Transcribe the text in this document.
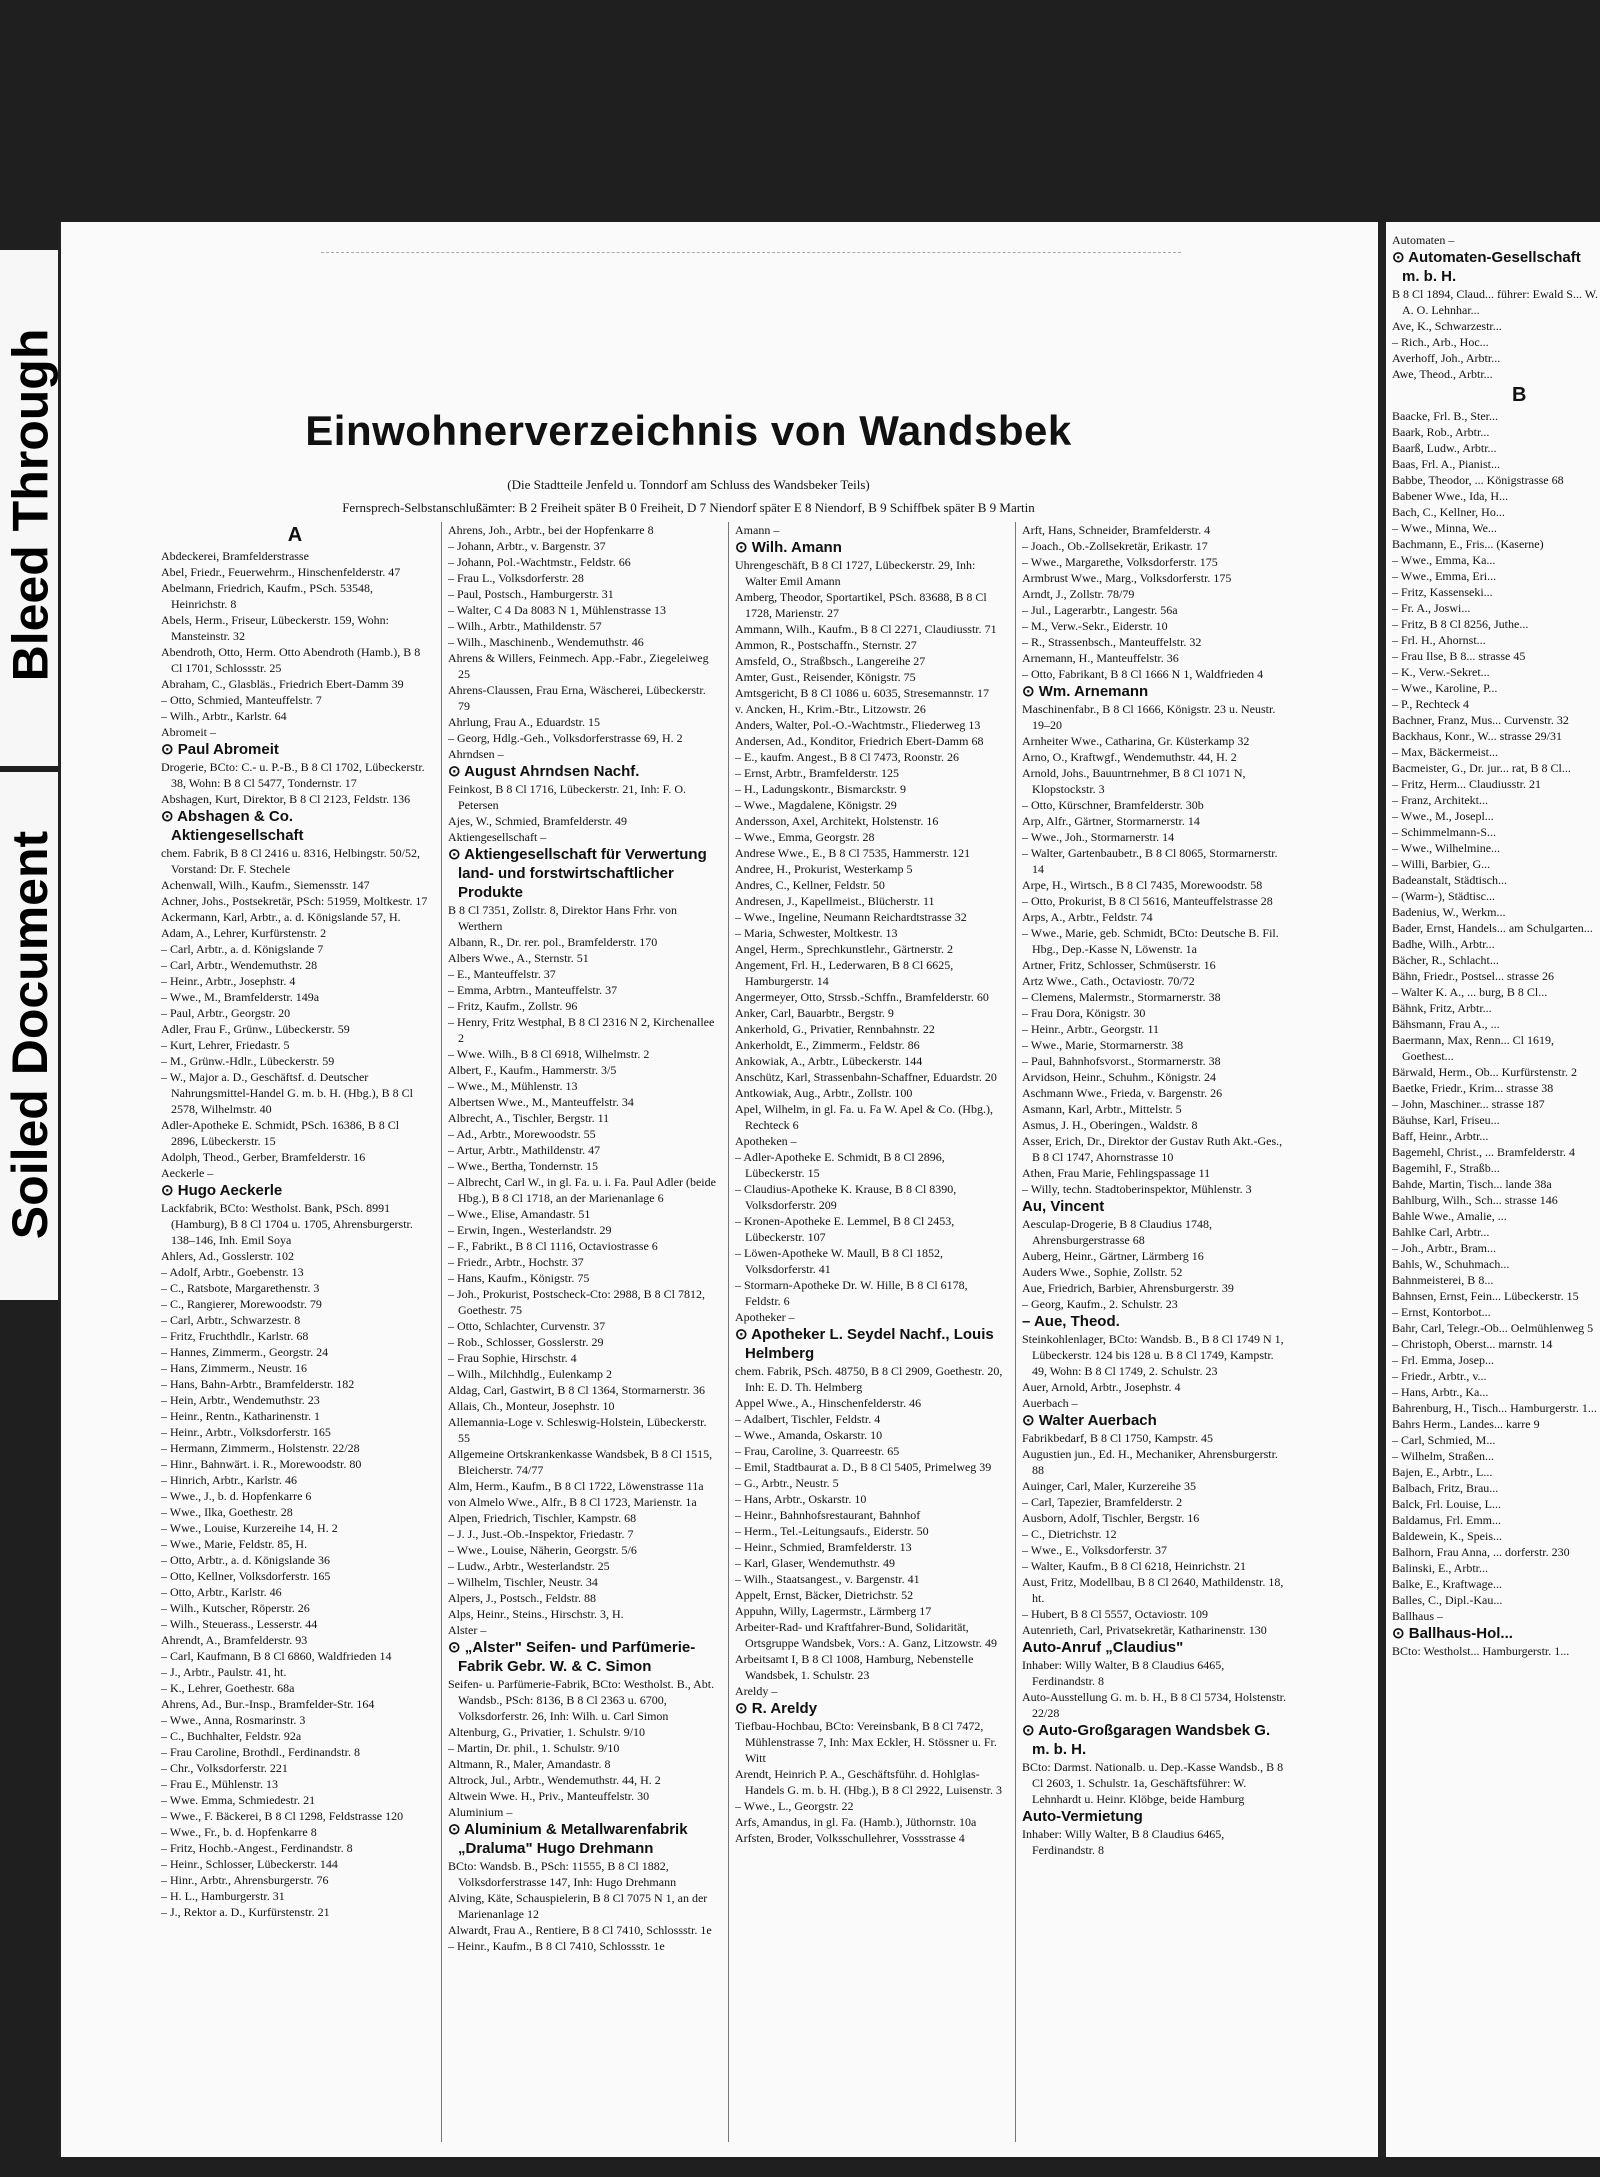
Bleed Through
Soiled Document
Einwohnerverzeichnis von Wandsbek
(Die Stadtteile Jenfeld u. Tonndorf am Schluss des Wandsbeker Teils)
Fernsprech-Selbstanschlußämter: B 2 Freiheit später B 0 Freiheit, D 7 Niendorf später E 8 Niendorf, B 9 Schiffbek später B 9 Martin

A

Abdeckerei, Bramfelderstrasse

Abel, Friedr., Feuerwehrm., Hinschenfelderstr. 47

Abelmann, Friedrich, Kaufm., PSch. 53548, Heinrichstr. 8

Abels, Herm., Friseur, Lübeckerstr. 159, Wohn: Mansteinstr. 32

Abendroth, Otto, Herm. Otto Abendroth (Hamb.), B 8 Cl 1701, Schlossstr. 25

Abraham, C., Glasbläs., Friedrich Ebert-Damm 39

– Otto, Schmied, Manteuffelstr. 7

– Wilh., Arbtr., Karlstr. 64

Abromeit –

⊙ Paul Abromeit

Drogerie, BCto: C.- u. P.-B., B 8 Cl 1702, Lübeckerstr. 38, Wohn: B 8 Cl 5477, Tondernstr. 17

Abshagen, Kurt, Direktor, B 8 Cl 2123, Feldstr. 136

⊙ Abshagen & Co. Aktiengesellschaft

chem. Fabrik, B 8 Cl 2416 u. 8316, Helbingstr. 50/52, Vorstand: Dr. F. Stechele

Achenwall, Wilh., Kaufm., Siemensstr. 147

Achner, Johs., Postsekretär, PSch: 51959, Moltkestr. 17

Ackermann, Karl, Arbtr., a. d. Königslande 57, H.

Adam, A., Lehrer, Kurfürstenstr. 2

– Carl, Arbtr., a. d. Königslande 7

– Carl, Arbtr., Wendemuthstr. 28

– Heinr., Arbtr., Josephstr. 4

– Wwe., M., Bramfelderstr. 149a

– Paul, Arbtr., Georgstr. 20

Adler, Frau F., Grünw., Lübeckerstr. 59

– Kurt, Lehrer, Friedastr. 5

– M., Grünw.-Hdlr., Lübeckerstr. 59

– W., Major a. D., Geschäftsf. d. Deutscher Nahrungsmittel-Handel G. m. b. H. (Hbg.), B 8 Cl 2578, Wilhelmstr. 40

Adler-Apotheke E. Schmidt, PSch. 16386, B 8 Cl 2896, Lübeckerstr. 15

Adolph, Theod., Gerber, Bramfelderstr. 16

Aeckerle –

⊙ Hugo Aeckerle

Lackfabrik, BCto: Westholst. Bank, PSch. 8991 (Hamburg), B 8 Cl 1704 u. 1705, Ahrensburgerstr. 138–146, Inh. Emil Soya

Ahlers, Ad., Gosslerstr. 102

– Adolf, Arbtr., Goebenstr. 13

– C., Ratsbote, Margarethenstr. 3

– C., Rangierer, Morewoodstr. 79

– Carl, Arbtr., Schwarzestr. 8

– Fritz, Fruchthdlr., Karlstr. 68

– Hannes, Zimmerm., Georgstr. 24

– Hans, Zimmerm., Neustr. 16

– Hans, Bahn-Arbtr., Bramfelderstr. 182

– Hein, Arbtr., Wendemuthstr. 23

– Heinr., Rentn., Katharinenstr. 1

– Heinr., Arbtr., Volksdorferstr. 165

– Hermann, Zimmerm., Holstenstr. 22/28

– Hinr., Bahnwärt. i. R., Morewoodstr. 80

– Hinrich, Arbtr., Karlstr. 46

– Wwe., J., b. d. Hopfenkarre 6

– Wwe., Ilka, Goethestr. 28

– Wwe., Louise, Kurzereihe 14, H. 2

– Wwe., Marie, Feldstr. 85, H.

– Otto, Arbtr., a. d. Königslande 36

– Otto, Kellner, Volksdorferstr. 165

– Otto, Arbtr., Karlstr. 46

– Wilh., Kutscher, Röperstr. 26

– Wilh., Steuerass., Lesserstr. 44

Ahrendt, A., Bramfelderstr. 93

– Carl, Kaufmann, B 8 Cl 6860, Waldfrieden 14

– J., Arbtr., Paulstr. 41, ht.

– K., Lehrer, Goethestr. 68a

Ahrens, Ad., Bur.-Insp., Bramfelder-Str. 164

– Wwe., Anna, Rosmarinstr. 3

– C., Buchhalter, Feldstr. 92a

– Frau Caroline, Brothdl., Ferdinandstr. 8

– Chr., Volksdorferstr. 221

– Frau E., Mühlenstr. 13

– Wwe. Emma, Schmiedestr. 21

– Wwe., F. Bäckerei, B 8 Cl 1298, Feldstrasse 120

– Wwe., Fr., b. d. Hopfenkarre 8

– Fritz, Hochb.-Angest., Ferdinandstr. 8

– Heinr., Schlosser, Lübeckerstr. 144

– Hinr., Arbtr., Ahrensburgerstr. 76

– H. L., Hamburgerstr. 31

– J., Rektor a. D., Kurfürstenstr. 21

Ahrens, Joh., Arbtr., bei der Hopfenkarre 8

– Johann, Arbtr., v. Bargenstr. 37

– Johann, Pol.-Wachtmstr., Feldstr. 66

– Frau L., Volksdorferstr. 28

– Paul, Postsch., Hamburgerstr. 31

– Walter, C 4 Da 8083 N 1, Mühlenstrasse 13

– Wilh., Arbtr., Mathildenstr. 57

– Wilh., Maschinenb., Wendemuthstr. 46

Ahrens & Willers, Feinmech. App.-Fabr., Ziegeleiweg 25

Ahrens-Claussen, Frau Erna, Wäscherei, Lübeckerstr. 79

Ahrlung, Frau A., Eduardstr. 15

– Georg, Hdlg.-Geh., Volksdorferstrasse 69, H. 2

Ahrndsen –

⊙ August Ahrndsen Nachf.

Feinkost, B 8 Cl 1716, Lübeckerstr. 21, Inh: F. O. Petersen

Ajes, W., Schmied, Bramfelderstr. 49

Aktiengesellschaft –

⊙ Aktiengesellschaft für Verwertung land- und forstwirtschaftlicher Produkte

B 8 Cl 7351, Zollstr. 8, Direktor Hans Frhr. von Werthern

Albann, R., Dr. rer. pol., Bramfelderstr. 170

Albers Wwe., A., Sternstr. 51

– E., Manteuffelstr. 37

– Emma, Arbtrn., Manteuffelstr. 37

– Fritz, Kaufm., Zollstr. 96

– Henry, Fritz Westphal, B 8 Cl 2316 N 2, Kirchenallee 2

– Wwe. Wilh., B 8 Cl 6918, Wilhelmstr. 2

Albert, F., Kaufm., Hammerstr. 3/5

– Wwe., M., Mühlenstr. 13

Albertsen Wwe., M., Manteuffelstr. 34

Albrecht, A., Tischler, Bergstr. 11

– Ad., Arbtr., Morewoodstr. 55

– Artur, Arbtr., Mathildenstr. 47

– Wwe., Bertha, Tondernstr. 15

– Albrecht, Carl W., in gl. Fa. u. i. Fa. Paul Adler (beide Hbg.), B 8 Cl 1718, an der Marienanlage 6

– Wwe., Elise, Amandastr. 51

– Erwin, Ingen., Westerlandstr. 29

– F., Fabrikt., B 8 Cl 1116, Octaviostrasse 6

– Friedr., Arbtr., Hochstr. 37

– Hans, Kaufm., Königstr. 75

– Joh., Prokurist, Postscheck-Cto: 2988, B 8 Cl 7812, Goethestr. 75

– Otto, Schlachter, Curvenstr. 37

– Rob., Schlosser, Gosslerstr. 29

– Frau Sophie, Hirschstr. 4

– Wilh., Milchhdlg., Eulenkamp 2

Aldag, Carl, Gastwirt, B 8 Cl 1364, Stormarnerstr. 36

Allais, Ch., Monteur, Josephstr. 10

Allemannia-Loge v. Schleswig-Holstein, Lübeckerstr. 55

Allgemeine Ortskrankenkasse Wandsbek, B 8 Cl 1515, Bleicherstr. 74/77

Alm, Herm., Kaufm., B 8 Cl 1722, Löwenstrasse 11a

von Almelo Wwe., Alfr., B 8 Cl 1723, Marienstr. 1a

Alpen, Friedrich, Tischler, Kampstr. 68

– J. J., Just.-Ob.-Inspektor, Friedastr. 7

– Wwe., Louise, Näherin, Georgstr. 5/6

– Ludw., Arbtr., Westerlandstr. 25

– Wilhelm, Tischler, Neustr. 34

Alpers, J., Postsch., Feldstr. 88

Alps, Heinr., Steins., Hirschstr. 3, H.

Alster –

⊙ „Alster" Seifen- und Parfümerie-Fabrik Gebr. W. & C. Simon

Seifen- u. Parfümerie-Fabrik, BCto: Westholst. B., Abt. Wandsb., PSch: 8136, B 8 Cl 2363 u. 6700, Volksdorferstr. 26, Inh: Wilh. u. Carl Simon

Altenburg, G., Privatier, 1. Schulstr. 9/10

– Martin, Dr. phil., 1. Schulstr. 9/10

Altmann, R., Maler, Amandastr. 8

Altrock, Jul., Arbtr., Wendemuthstr. 44, H. 2

Altwein Wwe. H., Priv., Manteuffelstr. 30

Aluminium –

⊙ Aluminium & Metallwarenfabrik „Draluma" Hugo Drehmann

BCto: Wandsb. B., PSch: 11555, B 8 Cl 1882, Volksdorferstrasse 147, Inh: Hugo Drehmann

Alving, Käte, Schauspielerin, B 8 Cl 7075 N 1, an der Marienanlage 12

Alwardt, Frau A., Rentiere, B 8 Cl 7410, Schlossstr. 1e

– Heinr., Kaufm., B 8 Cl 7410, Schlossstr. 1e

Amann –

⊙ Wilh. Amann

Uhrengeschäft, B 8 Cl 1727, Lübeckerstr. 29, Inh: Walter Emil Amann

Amberg, Theodor, Sportartikel, PSch. 83688, B 8 Cl 1728, Marienstr. 27

Ammann, Wilh., Kaufm., B 8 Cl 2271, Claudiusstr. 71

Ammon, R., Postschaffn., Sternstr. 27

Amsfeld, O., Straßbsch., Langereihe 27

Amter, Gust., Reisender, Königstr. 75

Amtsgericht, B 8 Cl 1086 u. 6035, Stresemannstr. 17

v. Ancken, H., Krim.-Btr., Litzowstr. 26

Anders, Walter, Pol.-O.-Wachtmstr., Fliederweg 13

Andersen, Ad., Konditor, Friedrich Ebert-Damm 68

– E., kaufm. Angest., B 8 Cl 7473, Roonstr. 26

– Ernst, Arbtr., Bramfelderstr. 125

– H., Ladungskontr., Bismarckstr. 9

– Wwe., Magdalene, Königstr. 29

Andersson, Axel, Architekt, Holstenstr. 16

– Wwe., Emma, Georgstr. 28

Andrese Wwe., E., B 8 Cl 7535, Hammerstr. 121

Andree, H., Prokurist, Westerkamp 5

Andres, C., Kellner, Feldstr. 50

Andresen, J., Kapellmeist., Blücherstr. 11

– Wwe., Ingeline, Neumann Reichardtstrasse 32

– Maria, Schwester, Moltkestr. 13

Angel, Herm., Sprechkunstlehr., Gärtnerstr. 2

Angement, Frl. H., Lederwaren, B 8 Cl 6625, Hamburgerstr. 14

Angermeyer, Otto, Strssb.-Schffn., Bramfelderstr. 60

Anker, Carl, Bauarbtr., Bergstr. 9

Ankerhold, G., Privatier, Rennbahnstr. 22

Ankerholdt, E., Zimmerm., Feldstr. 86

Ankowiak, A., Arbtr., Lübeckerstr. 144

Anschütz, Karl, Strassenbahn-Schaffner, Eduardstr. 20

Antkowiak, Aug., Arbtr., Zollstr. 100

Apel, Wilhelm, in gl. Fa. u. Fa W. Apel & Co. (Hbg.), Rechteck 6

Apotheken –

– Adler-Apotheke E. Schmidt, B 8 Cl 2896, Lübeckerstr. 15

– Claudius-Apotheke K. Krause, B 8 Cl 8390, Volksdorferstr. 209

– Kronen-Apotheke E. Lemmel, B 8 Cl 2453, Lübeckerstr. 107

– Löwen-Apotheke W. Maull, B 8 Cl 1852, Volksdorferstr. 41

– Stormarn-Apotheke Dr. W. Hille, B 8 Cl 6178, Feldstr. 6

Apotheker –

⊙ Apotheker L. Seydel Nachf., Louis Helmberg

chem. Fabrik, PSch. 48750, B 8 Cl 2909, Goethestr. 20, Inh: E. D. Th. Helmberg

Appel Wwe., A., Hinschenfelderstr. 46

– Adalbert, Tischler, Feldstr. 4

– Wwe., Amanda, Oskarstr. 10

– Frau, Caroline, 3. Quarreestr. 65

– Emil, Stadtbaurat a. D., B 8 Cl 5405, Primelweg 39

– G., Arbtr., Neustr. 5

– Hans, Arbtr., Oskarstr. 10

– Heinr., Bahnhofsrestaurant, Bahnhof

– Herm., Tel.-Leitungsaufs., Eiderstr. 50

– Heinr., Schmied, Bramfelderstr. 13

– Karl, Glaser, Wendemuthstr. 49

– Wilh., Staatsangest., v. Bargenstr. 41

Appelt, Ernst, Bäcker, Dietrichstr. 52

Appuhn, Willy, Lagermstr., Lärmberg 17

Arbeiter-Rad- und Kraftfahrer-Bund, Solidarität, Ortsgruppe Wandsbek, Vors.: A. Ganz, Litzowstr. 49

Arbeitsamt I, B 8 Cl 1008, Hamburg, Nebenstelle Wandsbek, 1. Schulstr. 23

Areldy –

⊙ R. Areldy

Tiefbau-Hochbau, BCto: Vereinsbank, B 8 Cl 7472, Mühlenstrasse 7, Inh: Max Eckler, H. Stössner u. Fr. Witt

Arendt, Heinrich P. A., Geschäftsführ. d. Hohlglas-Handels G. m. b. H. (Hbg.), B 8 Cl 2922, Luisenstr. 3

– Wwe., L., Georgstr. 22

Arfs, Amandus, in gl. Fa. (Hamb.), Jüthornstr. 10a

Arfsten, Broder, Volksschullehrer, Vossstrasse 4

Arft, Hans, Schneider, Bramfelderstr. 4

– Joach., Ob.-Zollsekretär, Erikastr. 17

– Wwe., Margarethe, Volksdorferstr. 175

Armbrust Wwe., Marg., Volksdorferstr. 175

Arndt, J., Zollstr. 78/79

– Jul., Lagerarbtr., Langestr. 56a

– M., Verw.-Sekr., Eiderstr. 10

– R., Strassenbsch., Manteuffelstr. 32

Arnemann, H., Manteuffelstr. 36

– Otto, Fabrikant, B 8 Cl 1666 N 1, Waldfrieden 4

⊙ Wm. Arnemann

Maschinenfabr., B 8 Cl 1666, Königstr. 23 u. Neustr. 19–20

Arnheiter Wwe., Catharina, Gr. Küsterkamp 32

Arno, O., Kraftwgf., Wendemuthstr. 44, H. 2

Arnold, Johs., Bauuntrnehmer, B 8 Cl 1071 N, Klopstockstr. 3

– Otto, Kürschner, Bramfelderstr. 30b

Arp, Alfr., Gärtner, Stormarnerstr. 14

– Wwe., Joh., Stormarnerstr. 14

– Walter, Gartenbaubetr., B 8 Cl 8065, Stormarnerstr. 14

Arpe, H., Wirtsch., B 8 Cl 7435, Morewoodstr. 58

– Otto, Prokurist, B 8 Cl 5616, Manteuffelstrasse 28

Arps, A., Arbtr., Feldstr. 74

– Wwe., Marie, geb. Schmidt, BCto: Deutsche B. Fil. Hbg., Dep.-Kasse N, Löwenstr. 1a

Artner, Fritz, Schlosser, Schmüserstr. 16

Artz Wwe., Cath., Octaviostr. 70/72

– Clemens, Malermstr., Stormarnerstr. 38

– Frau Dora, Königstr. 30

– Heinr., Arbtr., Georgstr. 11

– Wwe., Marie, Stormarnerstr. 38

– Paul, Bahnhofsvorst., Stormarnerstr. 38

Arvidson, Heinr., Schuhm., Königstr. 24

Aschmann Wwe., Frieda, v. Bargenstr. 26

Asmann, Karl, Arbtr., Mittelstr. 5

Asmus, J. H., Oberingen., Waldstr. 8

Asser, Erich, Dr., Direktor der Gustav Ruth Akt.-Ges., B 8 Cl 1747, Ahornstrasse 10

Athen, Frau Marie, Fehlingspassage 11

– Willy, techn. Stadtoberinspektor, Mühlenstr. 3

Au, Vincent

Aesculap-Drogerie, B 8 Claudius 1748, Ahrensburgerstrasse 68

Auberg, Heinr., Gärtner, Lärmberg 16

Auders Wwe., Sophie, Zollstr. 52

Aue, Friedrich, Barbier, Ahrensburgerstr. 39

– Georg, Kaufm., 2. Schulstr. 23

– Aue, Theod.

Steinkohlenlager, BCto: Wandsb. B., B 8 Cl 1749 N 1, Lübeckerstr. 124 bis 128 u. B 8 Cl 1749, Kampstr. 49, Wohn: B 8 Cl 1749, 2. Schulstr. 23

Auer, Arnold, Arbtr., Josephstr. 4

Auerbach –

⊙ Walter Auerbach

Fabrikbedarf, B 8 Cl 1750, Kampstr. 45

Augustien jun., Ed. H., Mechaniker, Ahrensburgerstr. 88

Auinger, Carl, Maler, Kurzereihe 35

– Carl, Tapezier, Bramfelderstr. 2

Ausborn, Adolf, Tischler, Bergstr. 16

– C., Dietrichstr. 12

– Wwe., E., Volksdorferstr. 37

– Walter, Kaufm., B 8 Cl 6218, Heinrichstr. 21

Aust, Fritz, Modellbau, B 8 Cl 2640, Mathildenstr. 18, ht.

– Hubert, B 8 Cl 5557, Octaviostr. 109

Autenrieth, Carl, Privatsekretär, Katharinenstr. 130

Auto-Anruf „Claudius"

Inhaber: Willy Walter, B 8 Claudius 6465, Ferdinandstr. 8

Auto-Ausstellung G. m. b. H., B 8 Cl 5734, Holstenstr. 22/28

⊙ Auto-Großgaragen Wandsbek G. m. b. H.

BCto: Darmst. Nationalb. u. Dep.-Kasse Wandsb., B 8 Cl 2603, 1. Schulstr. 1a, Geschäftsführer: W. Lehnhardt u. Heinr. Klöbge, beide Hamburg

Auto-Vermietung

Inhaber: Willy Walter, B 8 Claudius 6465, Ferdinandstr. 8

Automaten –

⊙ Automaten-Gesellschaft m. b. H.

B 8 Cl 1894, Claud... führer: Ewald S... W. A. O. Lehnhar...

Ave, K., Schwarzestr...

– Rich., Arb., Hoc...

Averhoff, Joh., Arbtr...

Awe, Theod., Arbtr...

B

Baacke, Frl. B., Ster...

Baark, Rob., Arbtr...

Baarß, Ludw., Arbtr...

Baas, Frl. A., Pianist...

Babbe, Theodor, ... Königstrasse 68

Babener Wwe., Ida, H...

Bach, C., Kellner, Ho...

– Wwe., Minna, We...

Bachmann, E., Fris... (Kaserne)

– Wwe., Emma, Ka...

– Wwe., Emma, Eri...

– Fritz, Kassenseki...

– Fr. A., Joswi...

– Fritz, B 8 Cl 8256, Juthe...

– Frl. H., Ahornst...

– Frau Ilse, B 8... strasse 45

– K., Verw.-Sekret...

– Wwe., Karoline, P...

– P., Rechteck 4

Bachner, Franz, Mus... Curvenstr. 32

Backhaus, Konr., W... strasse 29/31

– Max, Bäckermeist...

Bacmeister, G., Dr. jur... rat, B 8 Cl...

– Fritz, Herm... Claudiusstr. 21

– Franz, Architekt...

– Wwe., M., Josepl...

– Schimmelmann-S...

– Wwe., Wilhelmine...

– Willi, Barbier, G...

Badeanstalt, Städtisch...

– (Warm-), Städtisc...

Badenius, W., Werkm...

Bader, Ernst, Handels... am Schulgarten...

Badhe, Wilh., Arbtr...

Bächer, R., Schlacht...

Bähn, Friedr., Postsel... strasse 26

– Walter K. A., ... burg, B 8 Cl...

Bähnk, Fritz, Arbtr...

Bähsmann, Frau A., ...

Baermann, Max, Renn... Cl 1619, Goethest...

Bärwald, Herm., Ob... Kurfürstenstr. 2

Baetke, Friedr., Krim... strasse 38

– John, Maschiner... strasse 187

Bäuhse, Karl, Friseu...

Baff, Heinr., Arbtr...

Bagemehl, Christ., ... Bramfelderstr. 4

Bagemihl, F., Straßb...

Bahde, Martin, Tisch... lande 38a

Bahlburg, Wilh., Sch... strasse 146

Bahle Wwe., Amalie, ...

Bahlke Carl, Arbtr...

– Joh., Arbtr., Bram...

Bahls, W., Schuhmach...

Bahnmeisterei, B 8...

Bahnsen, Ernst, Fein... Lübeckerstr. 15

– Ernst, Kontorbot...

Bahr, Carl, Telegr.-Ob... Oelmühlenweg 5

– Christoph, Oberst... marnstr. 14

– Frl. Emma, Josep...

– Friedr., Arbtr., v...

– Hans, Arbtr., Ka...

Bahrenburg, H., Tisch... Hamburgerstr. 1...

Bahrs Herm., Landes... karre 9

– Carl, Schmied, M...

– Wilhelm, Straßen...

Bajen, E., Arbtr., L...

Balbach, Fritz, Brau...

Balck, Frl. Louise, L...

Baldamus, Frl. Emm...

Baldewein, K., Speis...

Balhorn, Frau Anna, ... dorferstr. 230

Balinski, E., Arbtr...

Balke, E., Kraftwage...

Balles, C., Dipl.-Kau...

Ballhaus –

⊙ Ballhaus-Hol...

BCto: Westholst... Hamburgerstr. 1...
